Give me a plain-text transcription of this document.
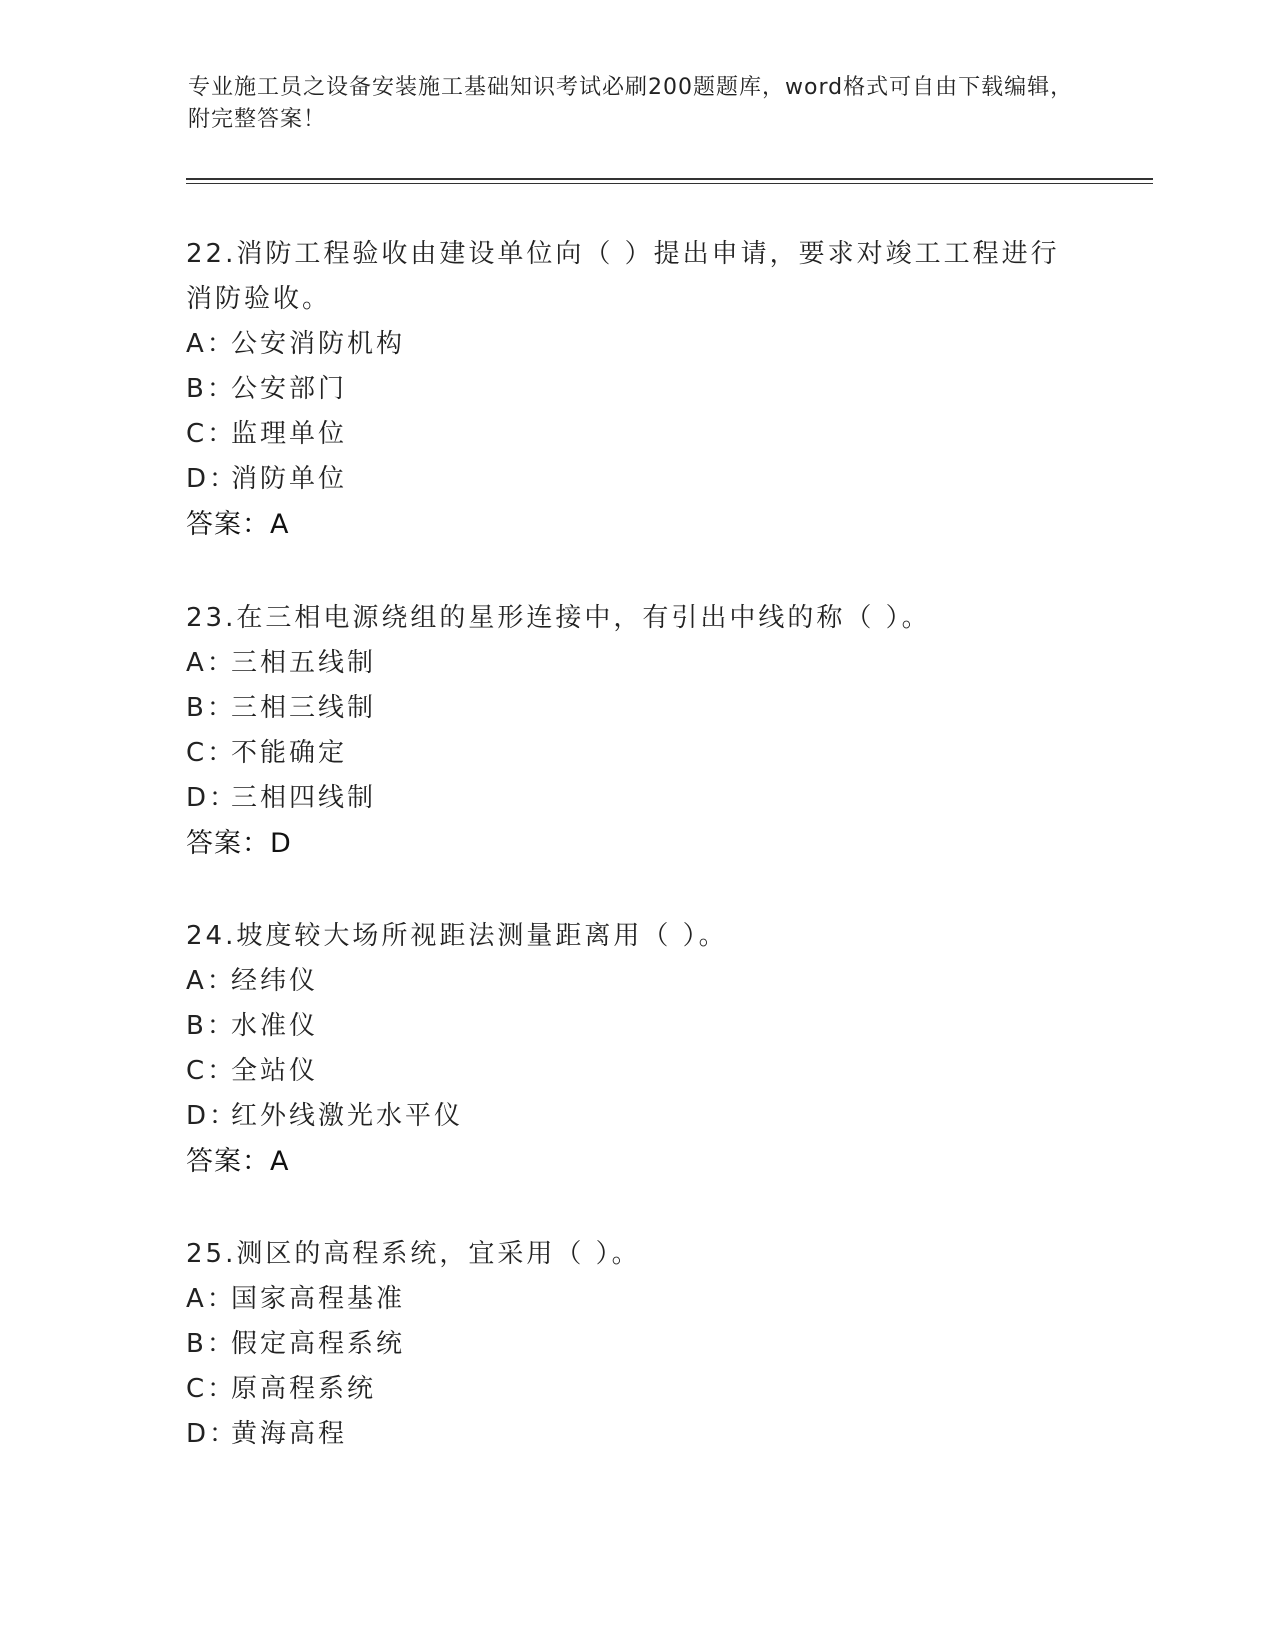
专业施工员之设备安装施工基础知识考试必刷200题题库，word格式可自由下载编辑，附完整答案！
22.消防工程验收由建设单位向（ ）提出申请，要求对竣工工程进行消防验收。
A：
公安消防机构
B：
公安部门
C：
监理单位
D：
消防单位
答案：A
23.在三相电源绕组的星形连接中，有引出中线的称（ ）。
A：
三相五线制
B：
三相三线制
C：
不能确定
D：
三相四线制
答案：D
24.坡度较大场所视距法测量距离用（ ）。
A：
经纬仪
B：
水准仪
C：
全站仪
D：
红外线激光水平仪
答案：A
25.测区的高程系统，宜采用（ ）。
A：
国家高程基准
B：
假定高程系统
C：
原高程系统
D：
黄海高程
